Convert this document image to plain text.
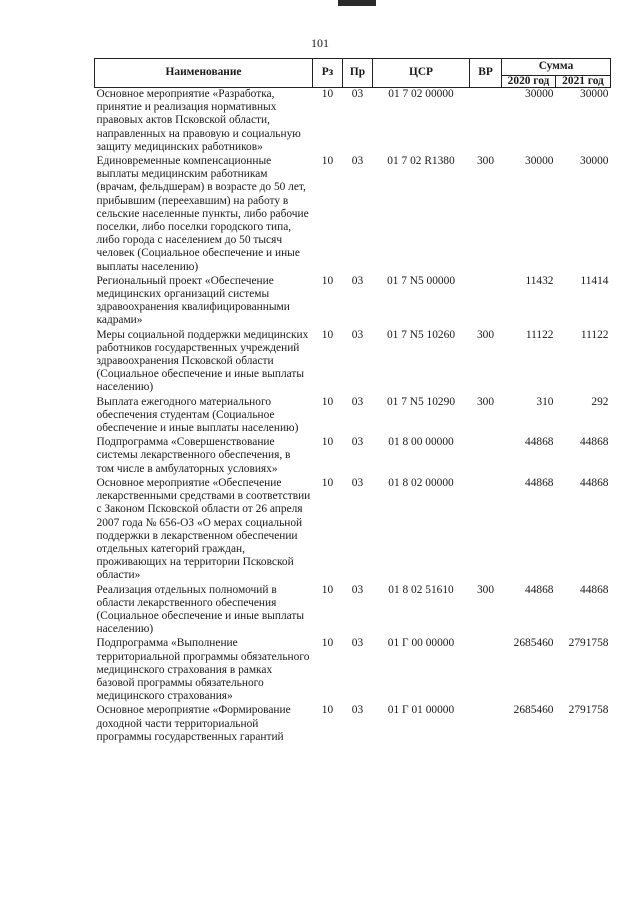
101
Наименование	Рз	Пр	ЦСР	ВР	Сумма	
					2020 год	2021 год
Основное мероприятие «Разработка, принятие и реализация нормативных правовых актов Псковской области, направленных на правовую и социальную защиту медицинских работников»	10	03	01 7 02 00000		30000	30000
Единовременные компенсационные выплаты медицинским работникам (врачам, фельдшерам) в возрасте до 50 лет, прибывшим (переехавшим) на работу в сельские населенные пункты, либо рабочие поселки, либо поселки городского типа, либо города с населением до 50 тысяч человек (Социальное обеспечение и иные выплаты населению)	10	03	01 7 02 R1380	300	30000	30000
Региональный проект «Обеспечение медицинских организаций системы здравоохранения квалифицированными кадрами»	10	03	01 7 N5 00000		11432	11414
Меры социальной поддержки медицинских работников государственных учреждений здравоохранения Псковской области (Социальное обеспечение и иные выплаты населению)	10	03	01 7 N5 10260	300	11122	11122
Выплата ежегодного материального обеспечения студентам (Социальное обеспечение и иные выплаты населению)	10	03	01 7 N5 10290	300	310	292
Подпрограмма «Совершенствование системы лекарственного обеспечения, в том числе в амбулаторных условиях»	10	03	01 8 00 00000		44868	44868
Основное мероприятие «Обеспечение лекарственными средствами в соответствии с Законом Псковской области от 26 апреля 2007 года № 656-ОЗ «О мерах социальной поддержки в лекарственном обеспечении отдельных категорий граждан, проживающих на территории Псковской области»	10	03	01 8 02 00000		44868	44868
Реализация отдельных полномочий в области лекарственного обеспечения (Социальное обеспечение и иные выплаты населению)	10	03	01 8 02 51610	300	44868	44868
Подпрограмма «Выполнение территориальной программы обязательного медицинского страхования в рамках базовой программы обязательного медицинского страхования»	10	03	01 Г 00 00000		2685460	2791758
Основное мероприятие «Формирование доходной части территориальной программы государственных гарантий	10	03	01 Г 01 00000		2685460	2791758
